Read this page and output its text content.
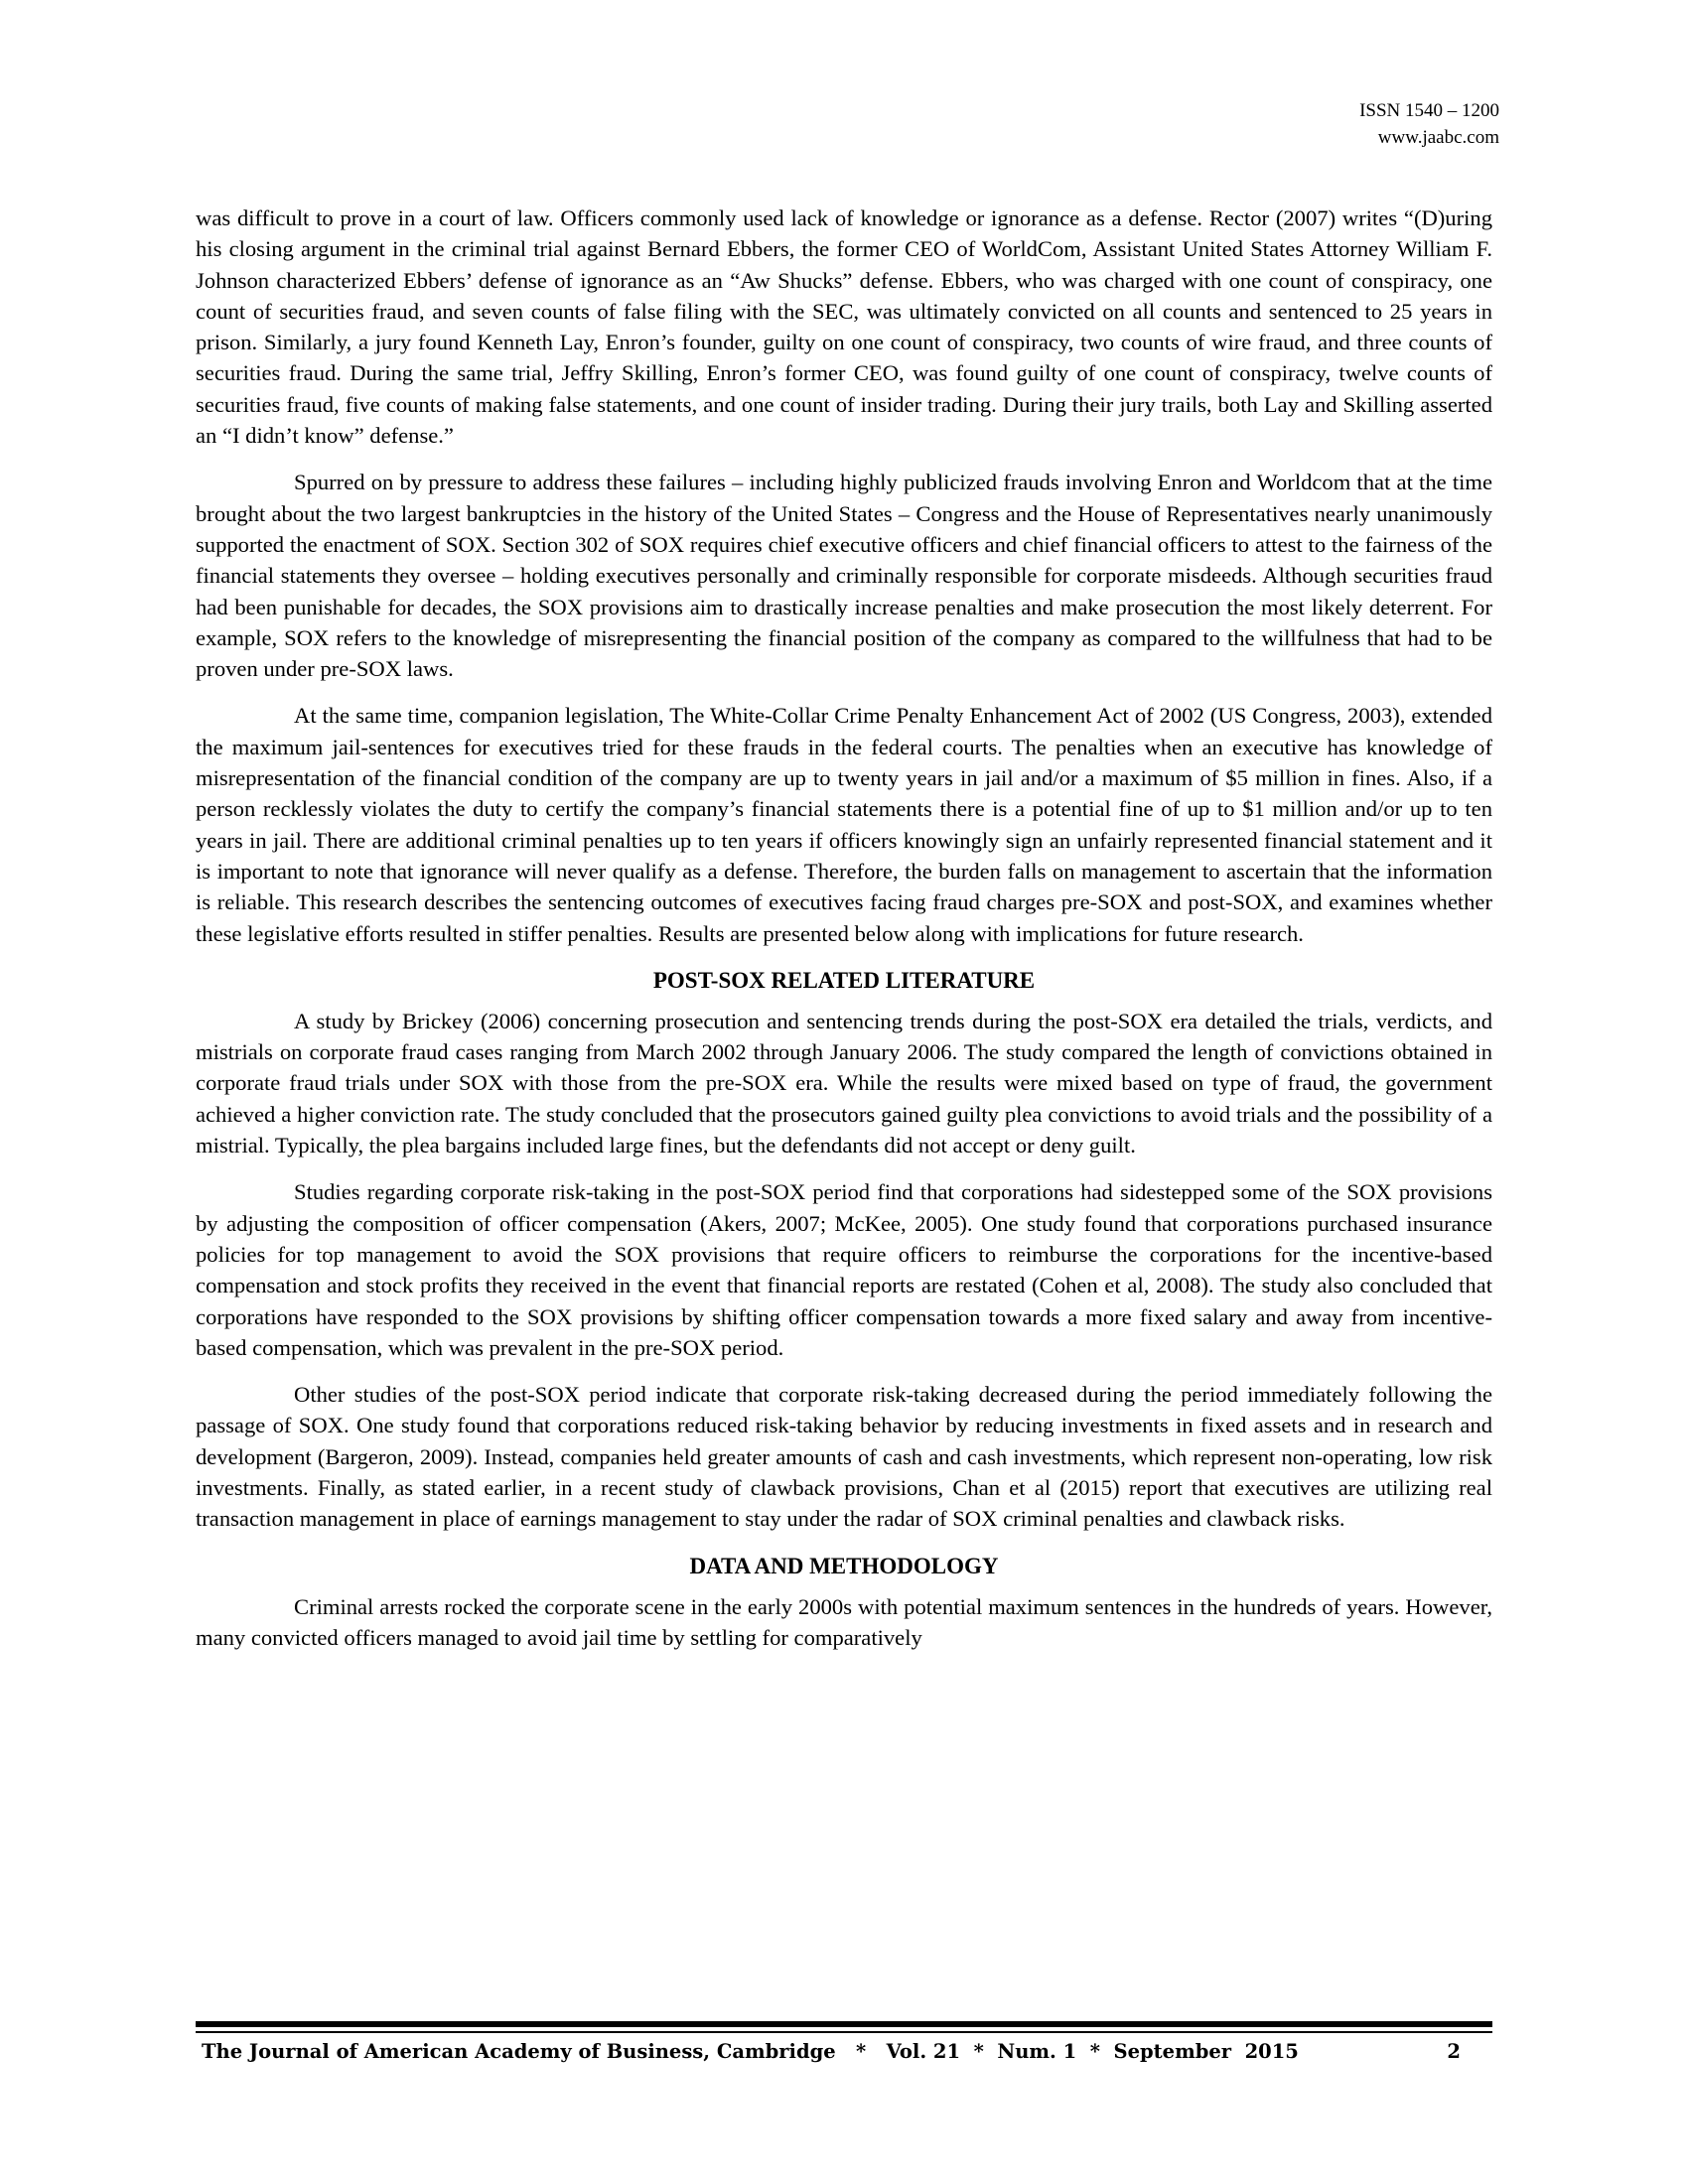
ISSN 1540 – 1200
www.jaabc.com

was difficult to prove in a court of law. Officers commonly used lack of knowledge or ignorance as a defense. Rector (2007) writes “(D)uring his closing argument in the criminal trial against Bernard Ebbers, the former CEO of WorldCom, Assistant United States Attorney William F. Johnson characterized Ebbers’ defense of ignorance as an “Aw Shucks” defense. Ebbers, who was charged with one count of conspiracy, one count of securities fraud, and seven counts of false filing with the SEC, was ultimately convicted on all counts and sentenced to 25 years in prison. Similarly, a jury found Kenneth Lay, Enron’s founder, guilty on one count of conspiracy, two counts of wire fraud, and three counts of securities fraud. During the same trial, Jeffry Skilling, Enron’s former CEO, was found guilty of one count of conspiracy, twelve counts of securities fraud, five counts of making false statements, and one count of insider trading. During their jury trails, both Lay and Skilling asserted an “I didn’t know” defense.”

Spurred on by pressure to address these failures – including highly publicized frauds involving Enron and Worldcom that at the time brought about the two largest bankruptcies in the history of the United States – Congress and the House of Representatives nearly unanimously supported the enactment of SOX. Section 302 of SOX requires chief executive officers and chief financial officers to attest to the fairness of the financial statements they oversee – holding executives personally and criminally responsible for corporate misdeeds. Although securities fraud had been punishable for decades, the SOX provisions aim to drastically increase penalties and make prosecution the most likely deterrent. For example, SOX refers to the knowledge of misrepresenting the financial position of the company as compared to the willfulness that had to be proven under pre-SOX laws.

At the same time, companion legislation, The White-Collar Crime Penalty Enhancement Act of 2002 (US Congress, 2003), extended the maximum jail-sentences for executives tried for these frauds in the federal courts. The penalties when an executive has knowledge of misrepresentation of the financial condition of the company are up to twenty years in jail and/or a maximum of $5 million in fines. Also, if a person recklessly violates the duty to certify the company’s financial statements there is a potential fine of up to $1 million and/or up to ten years in jail. There are additional criminal penalties up to ten years if officers knowingly sign an unfairly represented financial statement and it is important to note that ignorance will never qualify as a defense. Therefore, the burden falls on management to ascertain that the information is reliable. This research describes the sentencing outcomes of executives facing fraud charges pre-SOX and post-SOX, and examines whether these legislative efforts resulted in stiffer penalties. Results are presented below along with implications for future research.

POST-SOX RELATED LITERATURE

A study by Brickey (2006) concerning prosecution and sentencing trends during the post-SOX era detailed the trials, verdicts, and mistrials on corporate fraud cases ranging from March 2002 through January 2006. The study compared the length of convictions obtained in corporate fraud trials under SOX with those from the pre-SOX era. While the results were mixed based on type of fraud, the government achieved a higher conviction rate. The study concluded that the prosecutors gained guilty plea convictions to avoid trials and the possibility of a mistrial. Typically, the plea bargains included large fines, but the defendants did not accept or deny guilt.

Studies regarding corporate risk-taking in the post-SOX period find that corporations had sidestepped some of the SOX provisions by adjusting the composition of officer compensation (Akers, 2007; McKee, 2005). One study found that corporations purchased insurance policies for top management to avoid the SOX provisions that require officers to reimburse the corporations for the incentive-based compensation and stock profits they received in the event that financial reports are restated (Cohen et al, 2008). The study also concluded that corporations have responded to the SOX provisions by shifting officer compensation towards a more fixed salary and away from incentive-based compensation, which was prevalent in the pre-SOX period.

Other studies of the post-SOX period indicate that corporate risk-taking decreased during the period immediately following the passage of SOX. One study found that corporations reduced risk-taking behavior by reducing investments in fixed assets and in research and development (Bargeron, 2009). Instead, companies held greater amounts of cash and cash investments, which represent non-operating, low risk investments. Finally, as stated earlier, in a recent study of clawback provisions, Chan et al (2015) report that executives are utilizing real transaction management in place of earnings management to stay under the radar of SOX criminal penalties and clawback risks.

DATA AND METHODOLOGY

Criminal arrests rocked the corporate scene in the early 2000s with potential maximum sentences in the hundreds of years. However, many convicted officers managed to avoid jail time by settling for comparatively

The Journal of American Academy of Business, Cambridge   *   Vol. 21  *  Num. 1  *  September  2015	2
